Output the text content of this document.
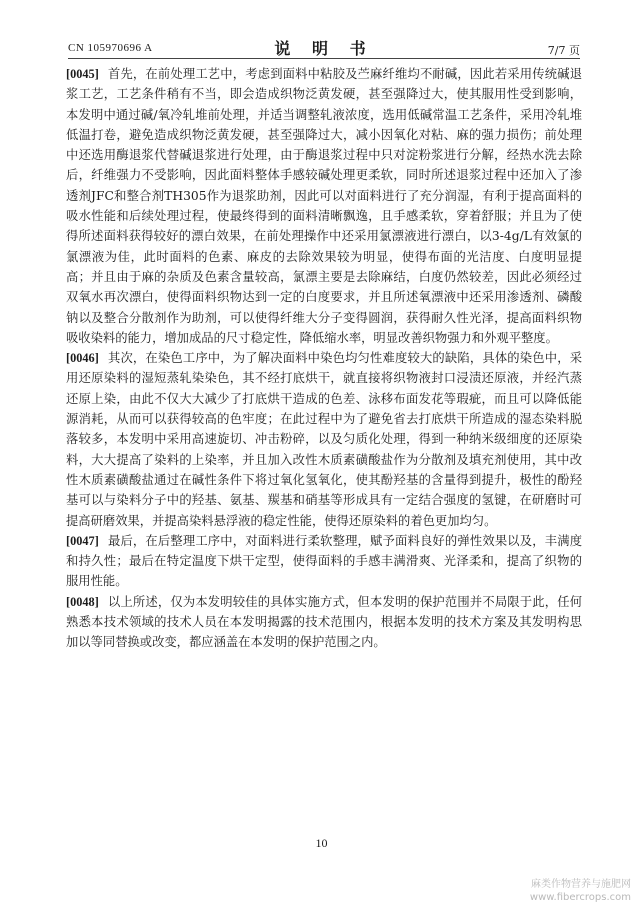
CN 105970696 A	说 明 书	7/7 页

[0045] 首先，在前处理工艺中，考虑到面料中粘胶及苎麻纤维均不耐碱，因此若采用传统碱退浆工艺，工艺条件稍有不当，即会造成织物泛黄发硬，甚至强降过大，使其服用性受到影响，本发明中通过碱/氧冷轧堆前处理，并适当调整轧液浓度，选用低碱常温工艺条件，采用冷轧堆低温打卷，避免造成织物泛黄发硬，甚至强降过大，减小因氧化对粘、麻的强力损伤；前处理中还选用酶退浆代替碱退浆进行处理，由于酶退浆过程中只对淀粉浆进行分解，经热水洗去除后，纤维强力不受影响，因此面料整体手感较碱处理更柔软，同时所述退浆过程中还加入了渗透剂JFC和整合剂TH305作为退浆助剂，因此可以对面料进行了充分润湿，有利于提高面料的吸水性能和后续处理过程，使最终得到的面料清晰飘逸，且手感柔软，穿着舒服；并且为了使得所述面料获得较好的漂白效果，在前处理操作中还采用氯漂液进行漂白，以3-4g/L有效氯的氯漂液为佳，此时面料的色素、麻皮的去除效果较为明显，使得布面的光洁度、白度明显提高；并且由于麻的杂质及色素含量较高，氯漂主要是去除麻结，白度仍然较差，因此必须经过双氧水再次漂白，使得面料织物达到一定的白度要求，并且所述氧漂液中还采用渗透剂、磷酸钠以及整合分散剂作为助剂，可以使得纤维大分子变得圆润，获得耐久性光泽，提高面料织物吸收染料的能力，增加成品的尺寸稳定性，降低缩水率，明显改善织物强力和外观平整度。

[0046] 其次，在染色工序中，为了解决面料中染色均匀性难度较大的缺陷，具体的染色中，采用还原染料的湿短蒸轧染染色，其不经打底烘干，就直接将织物液封口浸渍还原液，并经汽蒸还原上染，由此不仅大大减少了打底烘干造成的色差、泳移布面发花等瑕疵，而且可以降低能源消耗，从而可以获得较高的色牢度；在此过程中为了避免省去打底烘干所造成的湿态染料脱落较多，本发明中采用高速旋切、冲击粉碎，以及匀质化处理，得到一种纳米级细度的还原染料，大大提高了染料的上染率，并且加入改性木质素磺酸盐作为分散剂及填充剂使用，其中改性木质素磺酸盐通过在碱性条件下将过氧化氢氧化，使其酚羟基的含量得到提升，极性的酚羟基可以与染料分子中的羟基、氨基、羰基和硝基等形成具有一定结合强度的氢键，在研磨时可提高研磨效果，并提高染料悬浮液的稳定性能，使得还原染料的着色更加均匀。

[0047] 最后，在后整理工序中，对面料进行柔软整理，赋予面料良好的弹性效果以及，丰满度和持久性；最后在特定温度下烘干定型，使得面料的手感丰满滑爽、光泽柔和，提高了织物的服用性能。

[0048] 以上所述，仅为本发明较佳的具体实施方式，但本发明的保护范围并不局限于此，任何熟悉本技术领域的技术人员在本发明揭露的技术范围内，根据本发明的技术方案及其发明构思加以等同替换或改变，都应涵盖在本发明的保护范围之内。

10
麻类作物营养与施肥网
www.fibercrops.com
